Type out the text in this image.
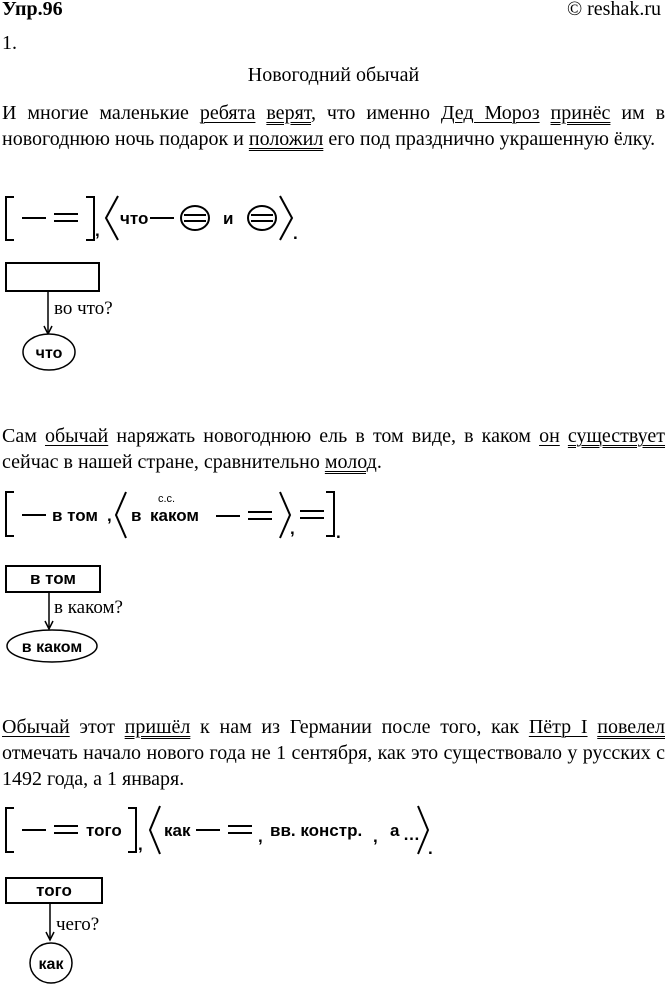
Упр.96	© reshak.ru
1.
Новогодний обычай
И многие маленькие ребята верят, что именно Дед Мороз принёс им в новогоднюю ночь подарок и положил его под празднично украшенную ёлку.
,
что	и
.
во что?
что
Сам обычай наряжать новогоднюю ель в том виде, в каком он существует сейчас в нашей стране, сравнительно молод.
в том , в
с.с.
каком
, .
в том
в каком?
в каком
Обычай этот пришёл к нам из Германии после того, как Пётр I повелел отмечать начало нового года не 1 сентября, как это существовало у русских с 1492 года, а 1 января.
того
,
как	, вв. констр. , а …
.
того
чего?
как
